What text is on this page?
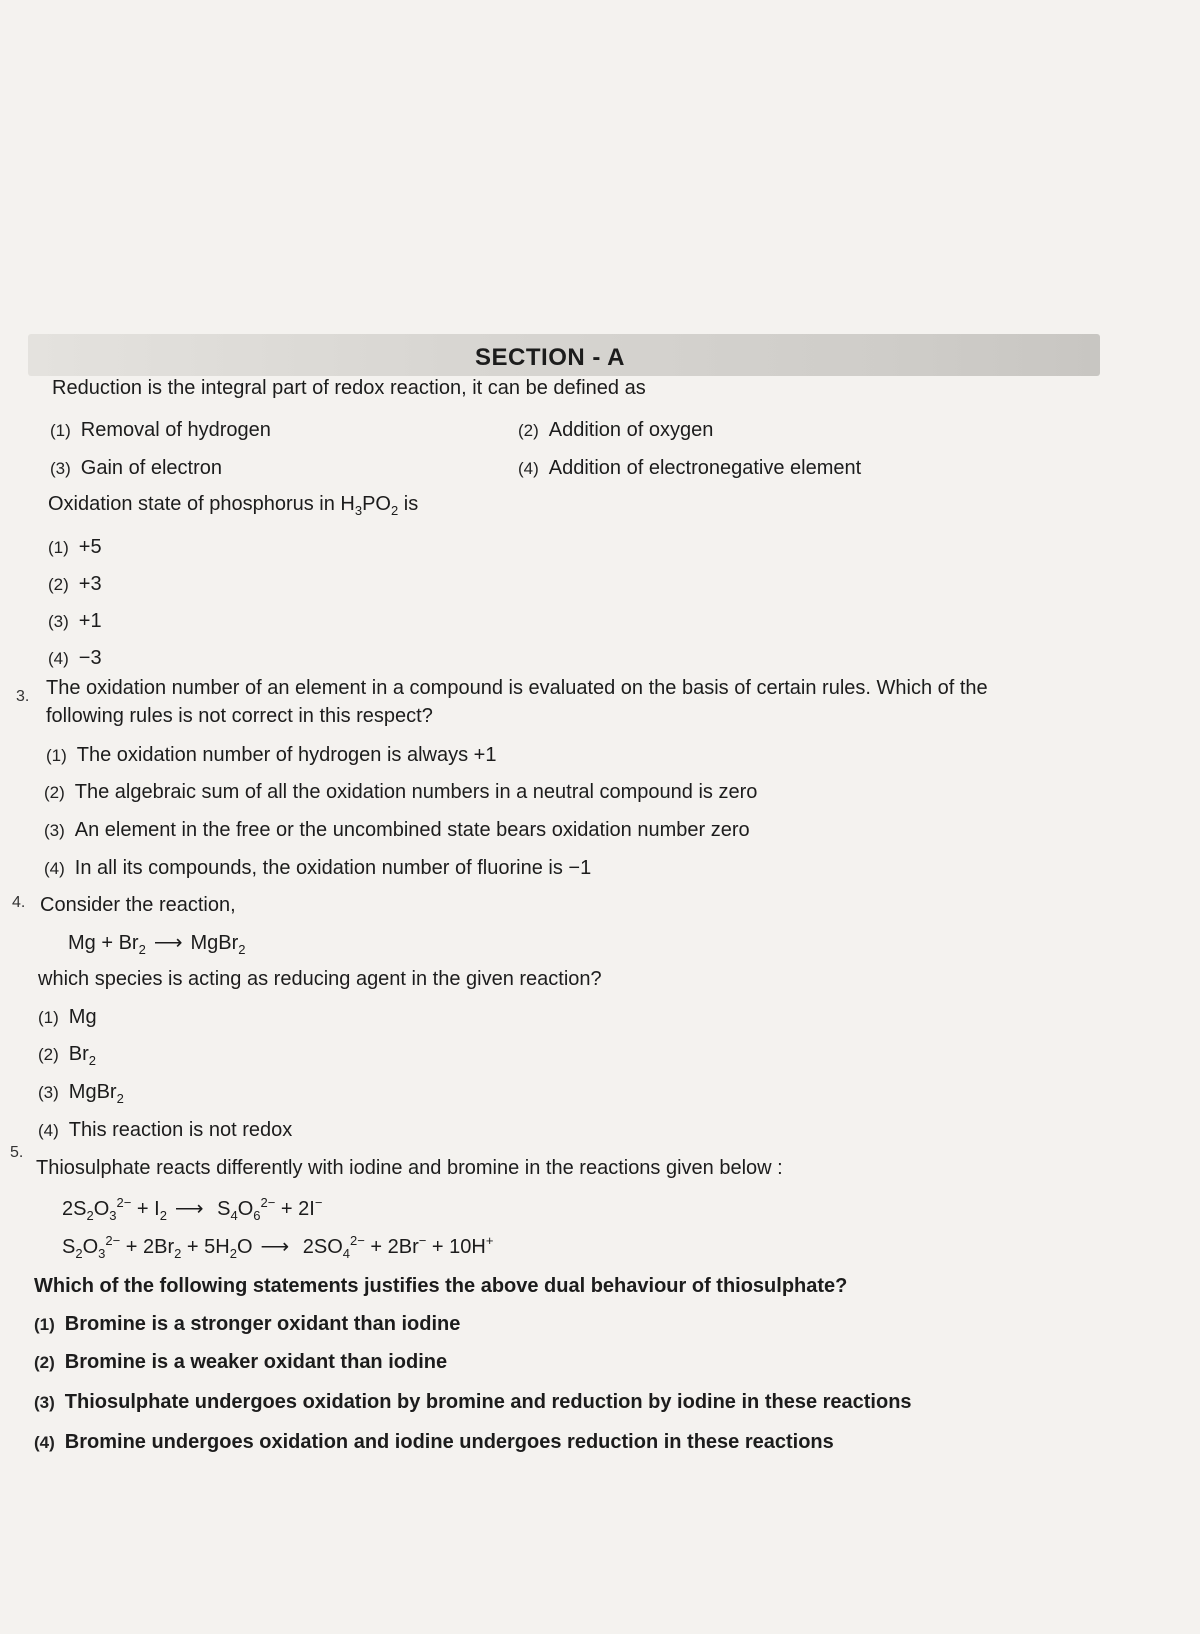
SECTION - A
Reduction is the integral part of redox reaction, it can be defined as
(1) Removal of hydrogen	(2) Addition of oxygen
(3) Gain of electron	(4) Addition of electronegative element
Oxidation state of phosphorus in $H_3PO_2$ is
(1) +5
(2) +3
(3) +1
(4) −3
3. The oxidation number of an element in a compound is evaluated on the basis of certain rules. Which of the
following rules is not correct in this respect?
(1) The oxidation number of hydrogen is always +1
(2) The algebraic sum of all the oxidation numbers in a neutral compound is zero
(3) An element in the free or the uncombined state bears oxidation number zero
(4) In all its compounds, the oxidation number of fluorine is −1
4. Consider the reaction,
$Mg + Br_2$ ⟶ MgBr$_2$
which species is acting as reducing agent in the given reaction?
(1) Mg
(2) $Br_2$
(3) MgBr$_2$
(4) This reaction is not redox
5.
Thiosulphate reacts differently with iodine and bromine in the reactions given below :
$2S_2O_3^{2-} + I_2$ ⟶ $S_4O_6^{2-} + 2I^-$
$S_2O_3^{2-} + 2Br_2 + 5H_2O$ ⟶ $2SO_4^{2-} + 2Br^- + 10H^+$
Which of the following statements justifies the above dual behaviour of thiosulphate?
(1) Bromine is a stronger oxidant than iodine
(2) Bromine is a weaker oxidant than iodine
(3) Thiosulphate undergoes oxidation by bromine and reduction by iodine in these reactions
(4) Bromine undergoes oxidation and iodine undergoes reduction in these reactions
